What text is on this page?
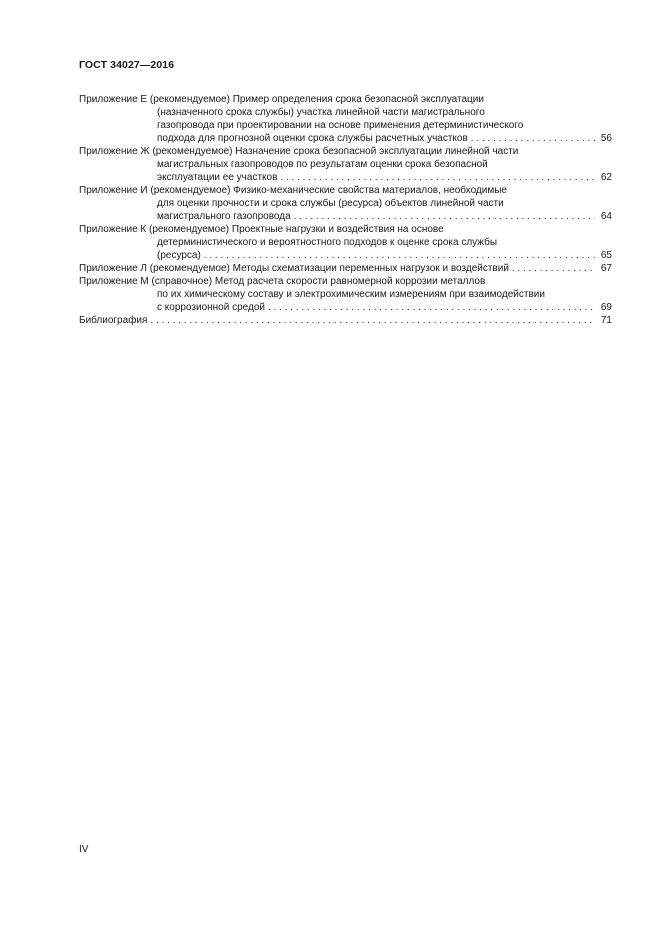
ГОСТ 34027—2016
Приложение Е (рекомендуемое) Пример определения срока безопасной эксплуатации
(назначенного срока службы) участка линейной части магистрального
газопровода при проектировании на основе применения детерминистического
подхода для прогнозной оценки срока службы расчетных участков . . .	56
Приложение Ж (рекомендуемое) Назначение срока безопасной эксплуатации линейной части
магистральных газопроводов по результатам оценки срока безопасной
эксплуатации ее участков . . .	62
Приложение И (рекомендуемое) Физико-механические свойства материалов, необходимые
для оценки прочности и срока службы (ресурса) объектов линейной части
магистрального газопровода . . .	64
Приложение К (рекомендуемое) Проектные нагрузки и воздействия на основе
детерминистического и вероятностного подходов к оценке срока службы
(ресурса) . . .	65
Приложение Л (рекомендуемое) Методы схематизации переменных нагрузок и воздействий . . .	67
Приложение М (справочное) Метод расчета скорости равномерной коррозии металлов
по их химическому составу и электрохимическим измерениям при взаимодействии
с коррозионной средой . . .	69
Библиография . . .	71
IV
